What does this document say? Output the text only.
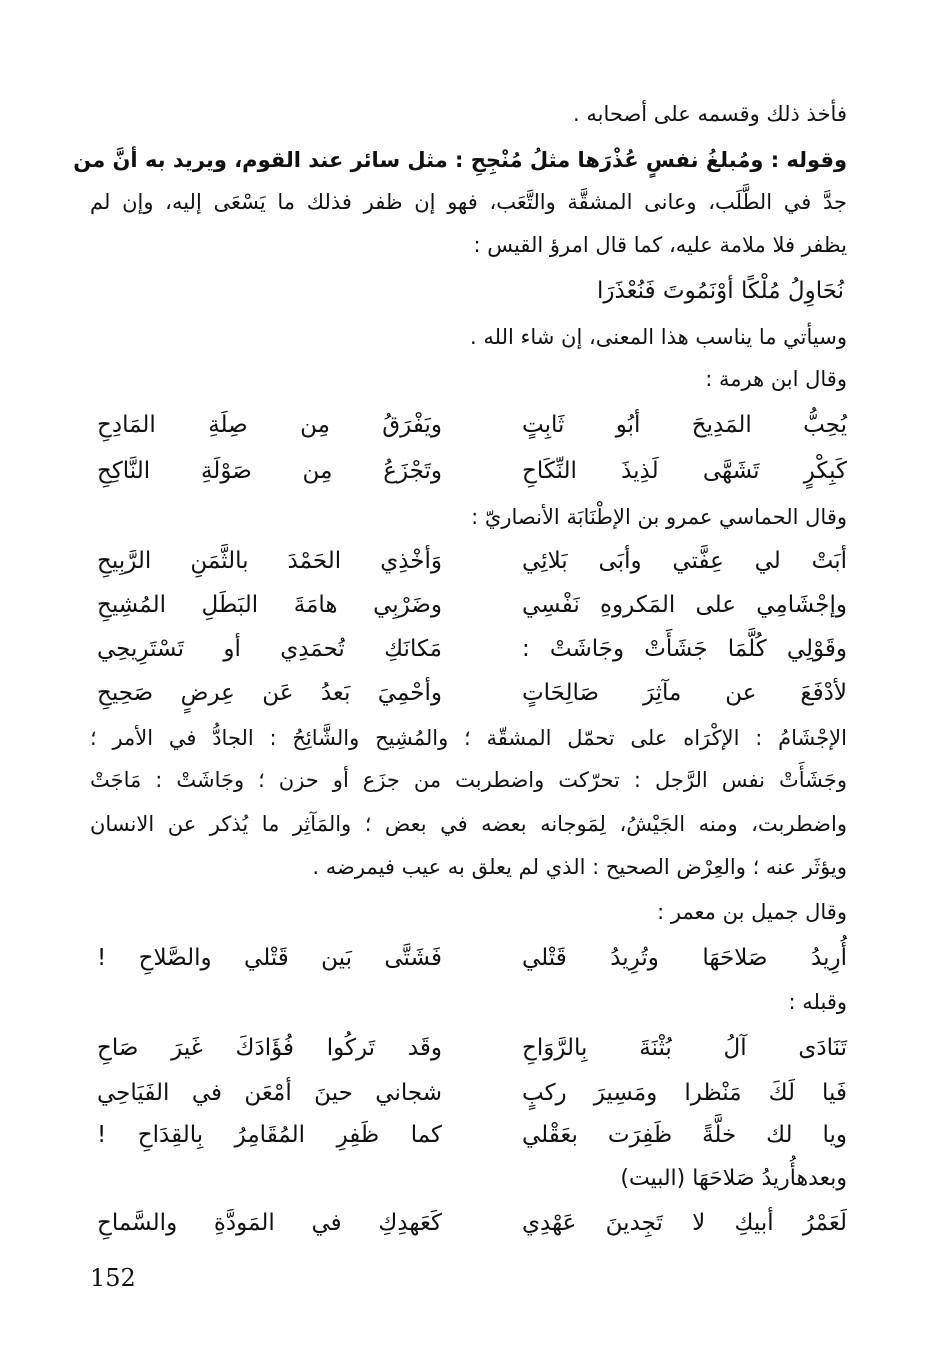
فأخذ ذلك وقسمه على أصحابه .
وقوله : ومُبلغُ نفسٍ عُذْرَها مثلُ مُنْجِحِ : مثل سائر عند القوم، ويريد به أنَّ من
جدَّ في الطَّلَب، وعانى المشقَّة والتَّعَب، فهو إن ظفر فذلك ما يَسْعَى إليه، وإن لم
يظفر فلا ملامة عليه، كما قال امرؤ القيس :
نُحَاوِلُ مُلْكًا أوْنَمُوتَ فَنُعْذَرَا
وسيأتي ما يناسب هذا المعنى، إن شاء الله .
وقال ابن هرمة :
يُحِبُّ المَدِيحَ أبُو ثَابِتٍ
ويَفْرَقُ مِن صِلَةِ المَادِحِ
كَبِكْرٍ تَشَهَّى لَذِيذَ النِّكَاحِ
وتَجْزَعُ مِن صَوْلَةِ النَّاكِحِ
وقال الحماسي عمرو بن الإطْنَابَة الأنصاريّ :
أبَتْ لي عِفَّتي وأبَى بَلائِي
وَأخْذِي الحَمْدَ بالثَّمَنِ الرَّبِيحِ
وإجْشَامِي على المَكروهِ نَفْسِي
وضَرْبِي هامَةَ البَطَلِ المُشِيحِ
وقَوْلِي كُلَّمَا جَشَأَتْ وجَاشَتْ :
مَكانَكِ تُحمَدِي أو تَسْتَرِيحِي
لأدْفَعَ عن مآثِرَ صَالِحَاتٍ
وأحْمِيَ بَعدُ عَن عِرضٍ صَحِيحِ
الإجْشَامُ : الإكْرَاه على تحمّل المشقّة ؛ والمُشِيح والشَّائِحُ : الجادُّ في الأمر ؛
وجَشَأَتْ نفس الرَّجل : تحرّكت واضطربت من جزَع أو حزن ؛ وجَاشَتْ : مَاجَتْ
واضطربت، ومنه الجَيْشُ، لِمَوجانه بعضه في بعض ؛ والمَآثِر ما يُذكر عن الانسان
ويؤثَر عنه ؛ والعِرْض الصحيح : الذي لم يعلق به عيب فيمرضه .
وقال جميل بن معمر :
أُرِيدُ صَلاحَهَا وتُرِيدُ قَتْلي
فَشَتَّى بَين قَتْلي والصَّلاحِ !
وقبله :
تَنَادَى آلُ بُثْنَةَ بِالرَّوَاحِ
وقَد تَركُوا فُؤَادَكَ غَيرَ صَاحِ
فَيا لَكَ مَنْظرا ومَسِيرَ ركبٍ
شجاني حينَ أمْعَن في الفَيَاحِي
ويا لك خلَّةً ظَفِرَت بعَقْلي
كما ظَفِرِ المُقَامِرُ بِالقِدَاحِ !
وبعدهأُريدُ صَلاحَهَا (البيت)
لَعَمْرُ أبيكِ لا تَجِدينَ عَهْدِي
كَعَهدِكِ في المَودَّةِ والسَّماحِ
152
